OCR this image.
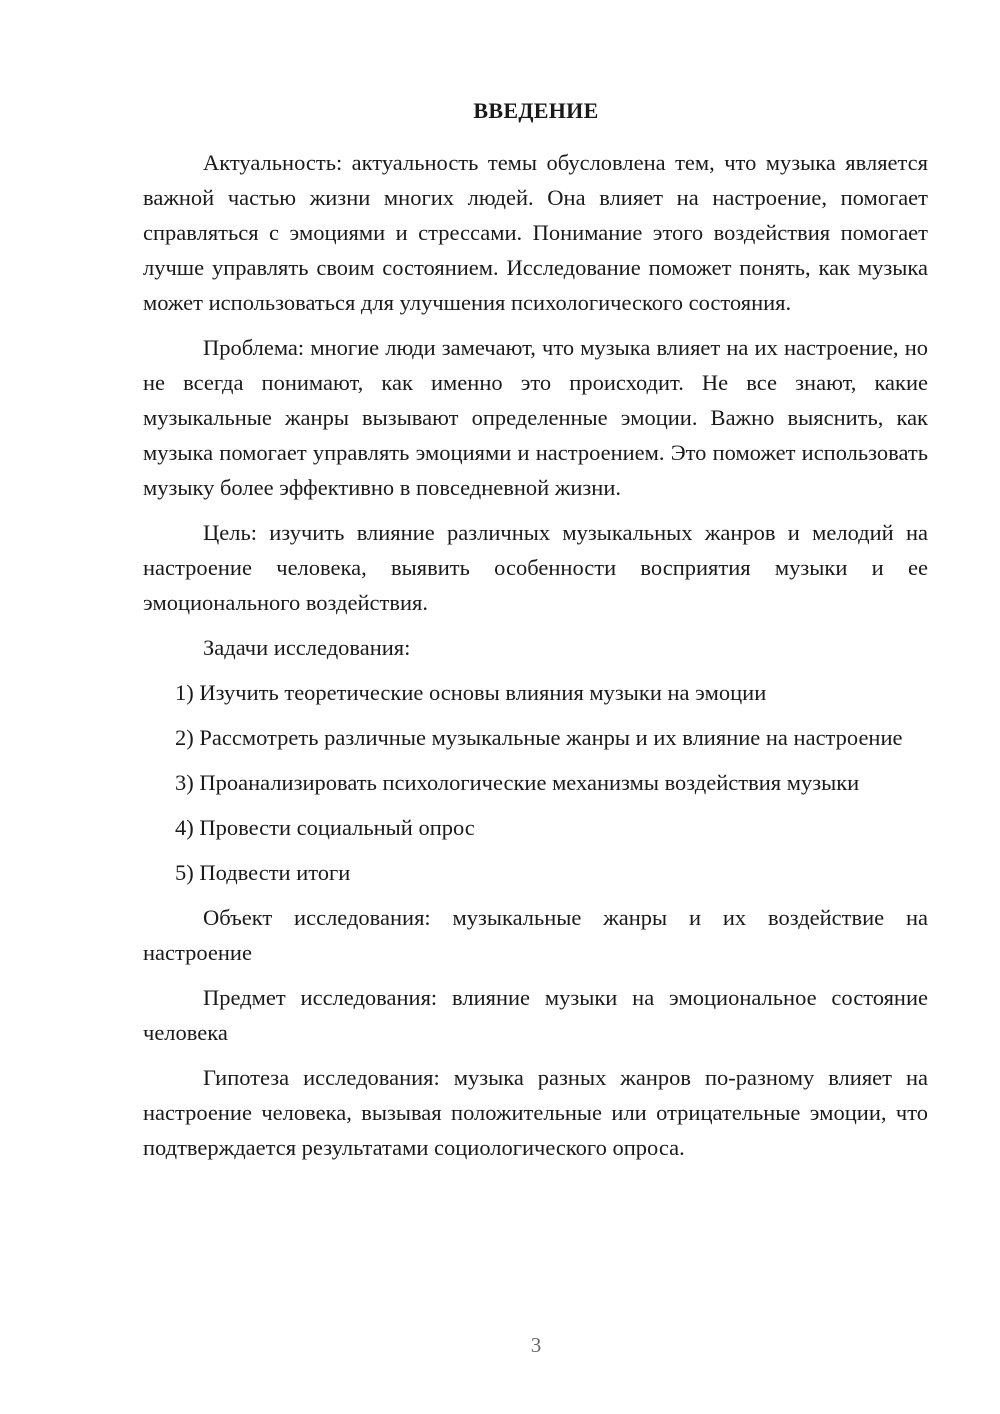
ВВЕДЕНИЕ

Актуальность: актуальность темы обусловлена тем, что музыка является важной частью жизни многих людей. Она влияет на настроение, помогает справляться с эмоциями и стрессами. Понимание этого воздействия помогает лучше управлять своим состоянием. Исследование поможет понять, как музыка может использоваться для улучшения психологического состояния.

Проблема: многие люди замечают, что музыка влияет на их настроение, но не всегда понимают, как именно это происходит. Не все знают, какие музыкальные жанры вызывают определенные эмоции. Важно выяснить, как музыка помогает управлять эмоциями и настроением. Это поможет использовать музыку более эффективно в повседневной жизни.

Цель: изучить влияние различных музыкальных жанров и мелодий на настроение человека, выявить особенности восприятия музыки и ее эмоционального воздействия.

Задачи исследования:

1) Изучить теоретические основы влияния музыки на эмоции

2) Рассмотреть различные музыкальные жанры и их влияние на настроение

3) Проанализировать психологические механизмы воздействия музыки

4) Провести социальный опрос

5) Подвести итоги

Объект исследования: музыкальные жанры и их воздействие на настроение

Предмет исследования: влияние музыки на эмоциональное состояние человека

Гипотеза исследования: музыка разных жанров по-разному влияет на настроение человека, вызывая положительные или отрицательные эмоции, что подтверждается результатами социологического опроса.

3
